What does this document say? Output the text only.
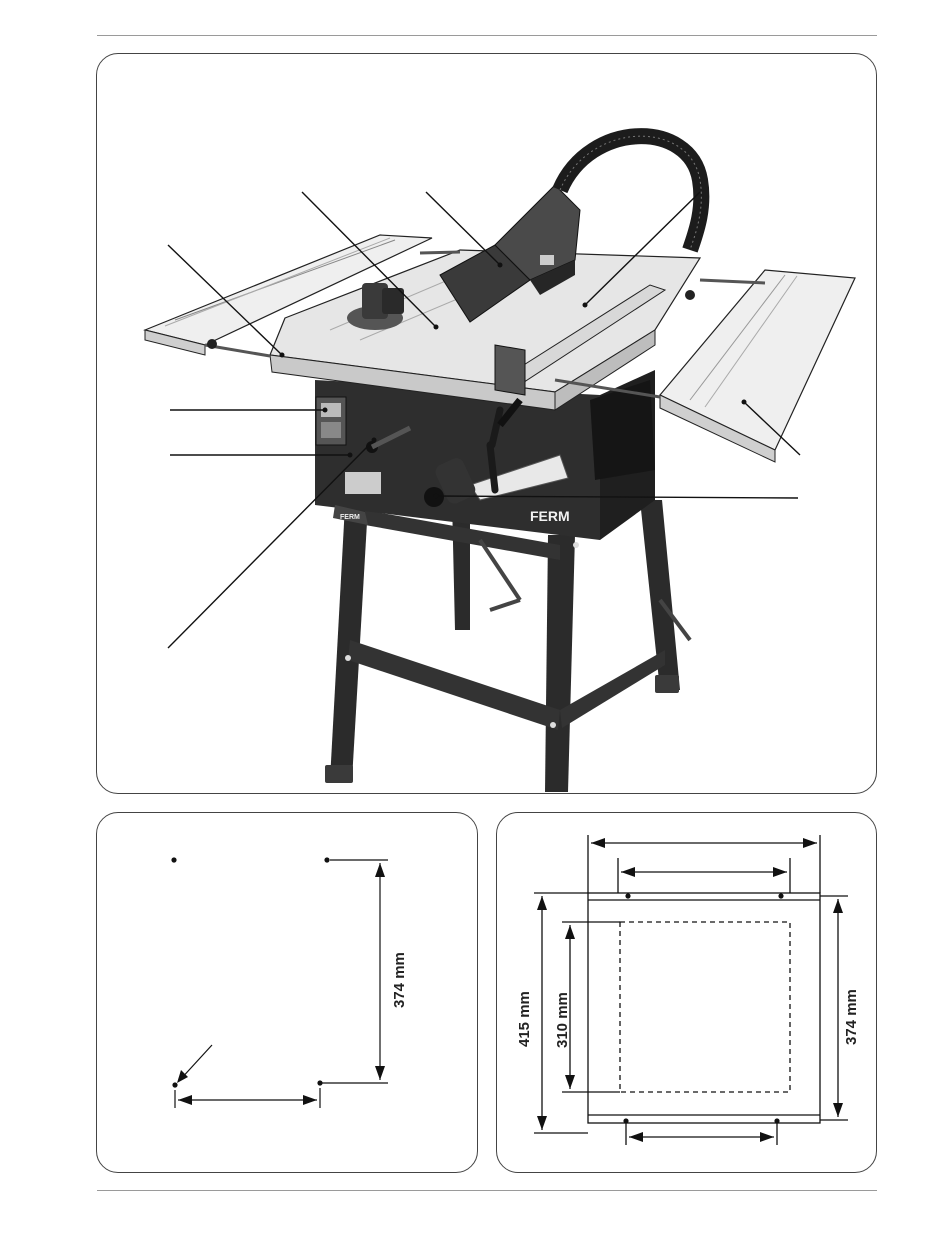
FERM
FERM
374 mm
415 mm 310 mm	374 mm
